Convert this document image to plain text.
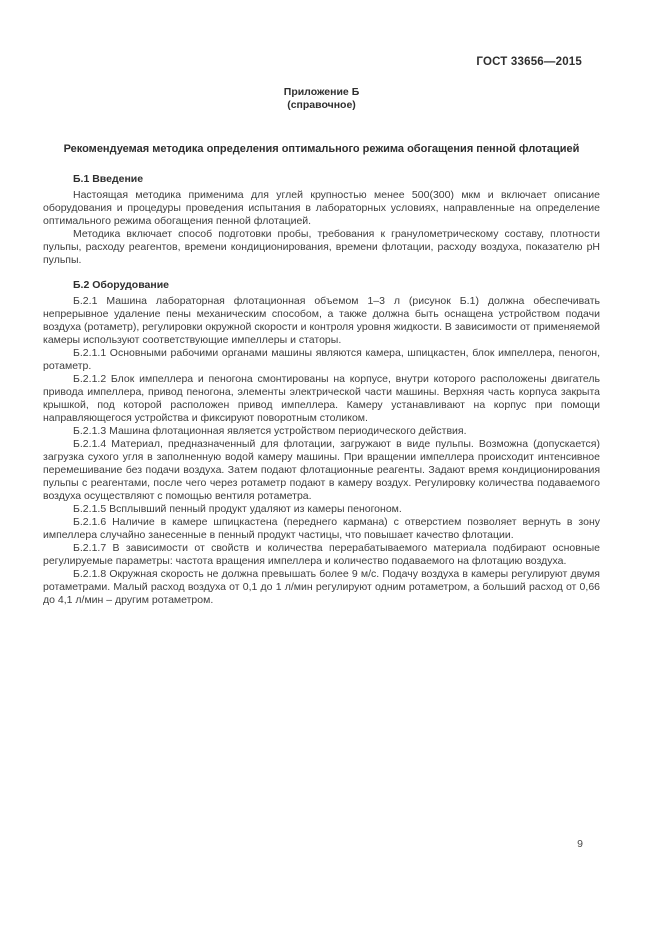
ГОСТ 33656—2015
Приложение Б
(справочное)
Рекомендуемая методика определения оптимального режима обогащения пенной флотацией
Б.1 Введение

Настоящая методика применима для углей крупностью менее 500(300) мкм и включает описание оборудования и процедуры проведения испытания в лабораторных условиях, направленные на определение оптимального режима обогащения пенной флотацией.

Методика включает способ подготовки пробы, требования к гранулометрическому составу, плотности пульпы, расходу реагентов, времени кондиционирования, времени флотации, расходу воздуха, показателю pH пульпы.

Б.2 Оборудование

Б.2.1 Машина лабораторная флотационная объемом 1–3 л (рисунок Б.1) должна обеспечивать непрерывное удаление пены механическим способом, а также должна быть оснащена устройством подачи воздуха (ротаметр), регулировки окружной скорости и контроля уровня жидкости. В зависимости от применяемой камеры используют соответствующие импеллеры и статоры.

Б.2.1.1 Основными рабочими органами машины являются камера, шпицкастен, блок импеллера, пеногон, ротаметр.

Б.2.1.2 Блок импеллера и пеногона смонтированы на корпусе, внутри которого расположены двигатель привода импеллера, привод пеногона, элементы электрической части машины. Верхняя часть корпуса закрыта крышкой, под которой расположен привод импеллера. Камеру устанавливают на корпус при помощи направляющегося устройства и фиксируют поворотным столиком.

Б.2.1.3 Машина флотационная является устройством периодического действия.

Б.2.1.4 Материал, предназначенный для флотации, загружают в виде пульпы. Возможна (допускается) загрузка сухого угля в заполненную водой камеру машины. При вращении импеллера происходит интенсивное перемешивание без подачи воздуха. Затем подают флотационные реагенты. Задают время кондиционирования пульпы с реагентами, после чего через ротаметр подают в камеру воздух. Регулировку количества подаваемого воздуха осуществляют с помощью вентиля ротаметра.

Б.2.1.5 Всплывший пенный продукт удаляют из камеры пеногоном.

Б.2.1.6 Наличие в камере шпицкастена (переднего кармана) с отверстием позволяет вернуть в зону импеллера случайно занесенные в пенный продукт частицы, что повышает качество флотации.

Б.2.1.7 В зависимости от свойств и количества перерабатываемого материала подбирают основные регулируемые параметры: частота вращения импеллера и количество подаваемого на флотацию воздуха.

Б.2.1.8 Окружная скорость не должна превышать более 9 м/с. Подачу воздуха в камеры регулируют двумя ротаметрами. Малый расход воздуха от 0,1 до 1 л/мин регулируют одним ротаметром, а больший расход от 0,66 до 4,1 л/мин – другим ротаметром.

9
